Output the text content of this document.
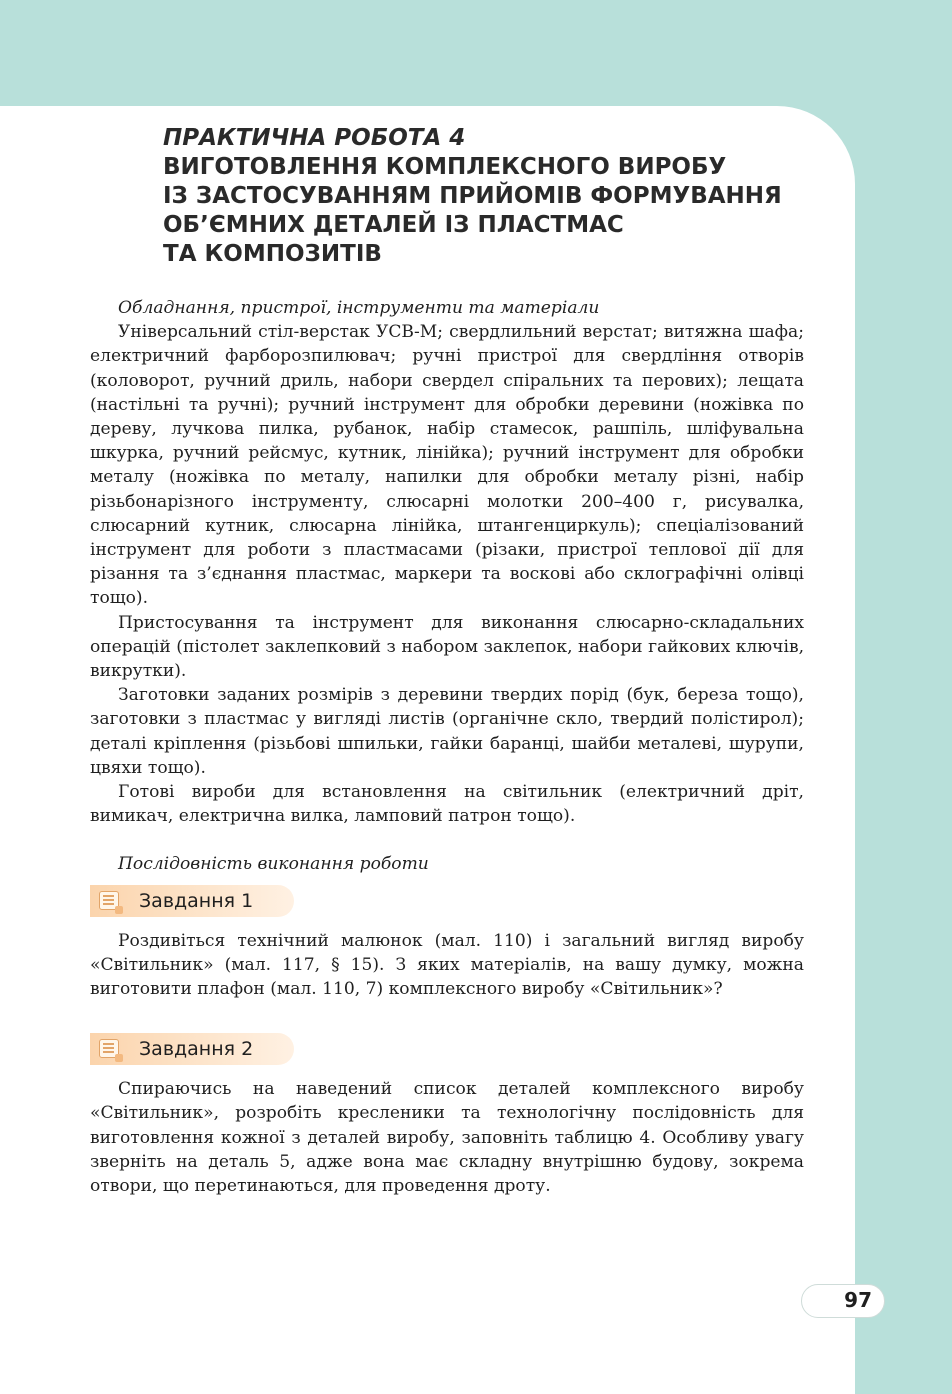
ПРАКТИЧНА РОБОТА 4
ВИГОТОВЛЕННЯ КОМПЛЕКСНОГО ВИРОБУ
ІЗ ЗАСТОСУВАННЯМ ПРИЙОМІВ ФОРМУВАННЯ
ОБ’ЄМНИХ ДЕТАЛЕЙ ІЗ ПЛАСТМАС
ТА КОМПОЗИТІВ

Обладнання, пристрої, інструменти та матеріали

Універсальний стіл-верстак УСВ-М; свердлильний верстат; витяжна шафа; електричний фарборозпилювач; ручні пристрої для свердління отворів (коловорот, ручний дриль, набори свердел спіральних та перових); лещата (настільні та ручні); ручний інструмент для обробки деревини (ножівка по дереву, лучкова пилка, рубанок, набір стамесок, рашпіль, шліфувальна шкурка, ручний рейсмус, кутник, лінійка); ручний інструмент для обробки металу (ножівка по металу, напилки для обробки металу різні, набір різьбонарізного інструменту, слюсарні молотки 200–400 г, рисувалка, слюсарний кутник, слюсарна лінійка, штангенциркуль); спеціалізований інструмент для роботи з пластмасами (різаки, пристрої теплової дії для різання та з’єднання пластмас, маркери та воскові або склографічні олівці тощо).

Пристосування та інструмент для виконання слюсарно-складальних операцій (пістолет заклепковий з набором заклепок, набори гайкових ключів, викрутки).

Заготовки заданих розмірів з деревини твердих порід (бук, береза тощо), заготовки з пластмас у вигляді листів (органічне скло, твердий полістирол); деталі кріплення (різьбові шпильки, гайки баранці, шайби металеві, шурупи, цвяхи тощо).

Готові вироби для встановлення на світильник (електричний дріт, вимикач, електрична вилка, ламповий патрон тощо).

Послідовність виконання роботи

Завдання 1

Роздивіться технічний малюнок (мал. 110) і загальний вигляд виробу «Світильник» (мал. 117, § 15). З яких матеріалів, на вашу думку, можна виготовити плафон (мал. 110, 7) комплексного виробу «Світильник»?

Завдання 2

Спираючись на наведений список деталей комплексного виробу «Світильник», розробіть кресленики та технологічну послідовність для виготовлення кожної з деталей виробу, заповніть таблицю 4. Особливу увагу зверніть на деталь 5, адже вона має складну внутрішню будову, зокрема отвори, що перетинаються, для проведення дроту.

97
